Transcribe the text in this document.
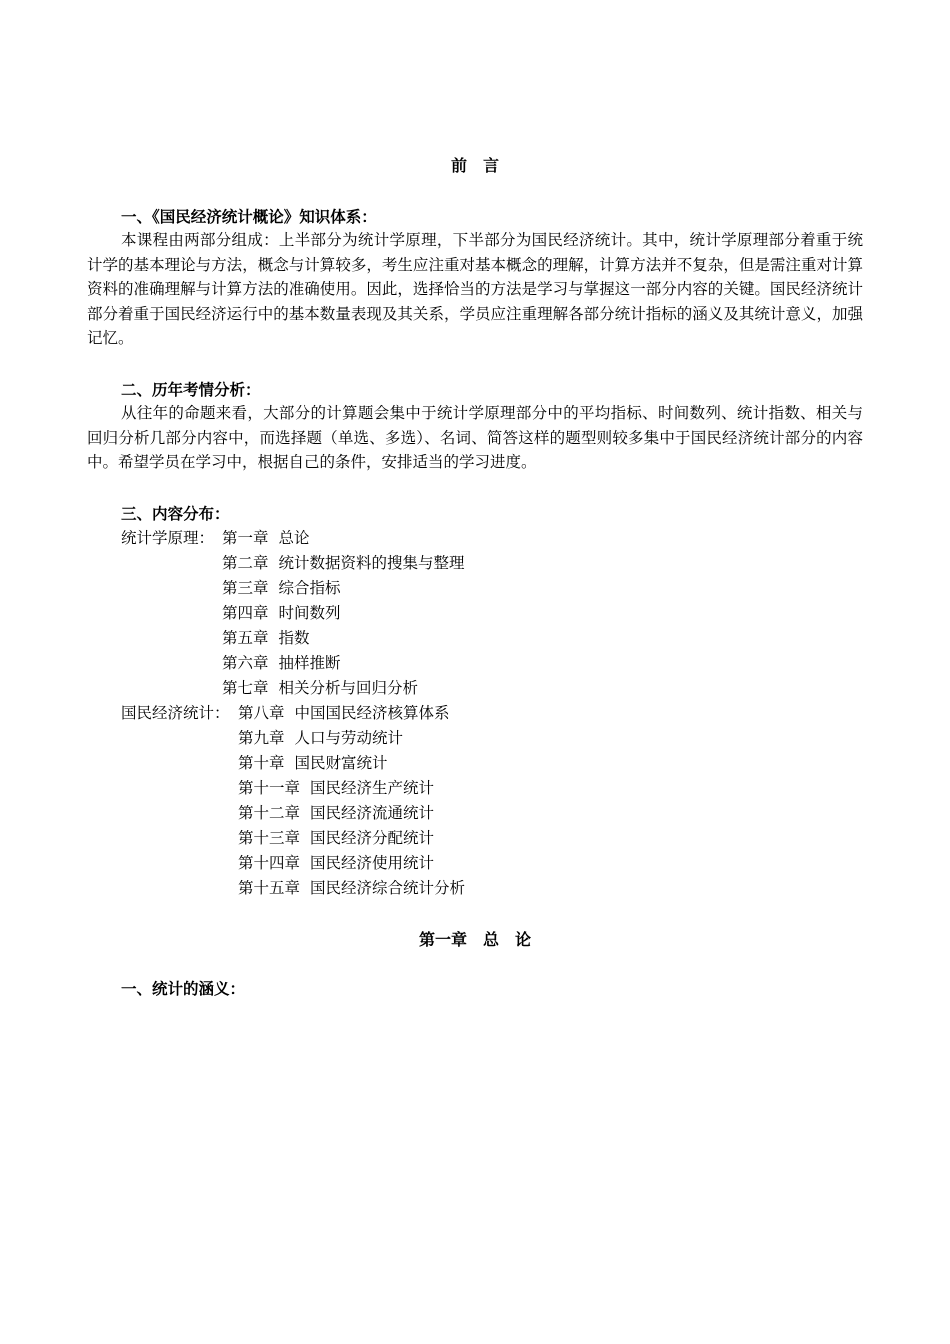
前　言
一、《国民经济统计概论》知识体系：
本课程由两部分组成：上半部分为统计学原理，下半部分为国民经济统计。其中，统计学原理部分着重于统计学的基本理论与方法，概念与计算较多，考生应注重对基本概念的理解，计算方法并不复杂，但是需注重对计算资料的准确理解与计算方法的准确使用。因此，选择恰当的方法是学习与掌握这一部分内容的关键。国民经济统计部分着重于国民经济运行中的基本数量表现及其关系，学员应注重理解各部分统计指标的涵义及其统计意义，加强记忆。
二、历年考情分析：
从往年的命题来看，大部分的计算题会集中于统计学原理部分中的平均指标、时间数列、统计指数、相关与回归分析几部分内容中，而选择题（单选、多选）、名词、简答这样的题型则较多集中于国民经济统计部分的内容中。希望学员在学习中，根据自己的条件，安排适当的学习进度。
三、内容分布：
统计学原理： 第一章 总论
第二章 统计数据资料的搜集与整理
第三章 综合指标
第四章 时间数列
第五章 指数
第六章 抽样推断
第七章 相关分析与回归分析
国民经济统计： 第八章 中国国民经济核算体系
第九章 人口与劳动统计
第十章 国民财富统计
第十一章 国民经济生产统计
第十二章 国民经济流通统计
第十三章 国民经济分配统计
第十四章 国民经济使用统计
第十五章 国民经济综合统计分析
第一章　总　论
一、统计的涵义：
